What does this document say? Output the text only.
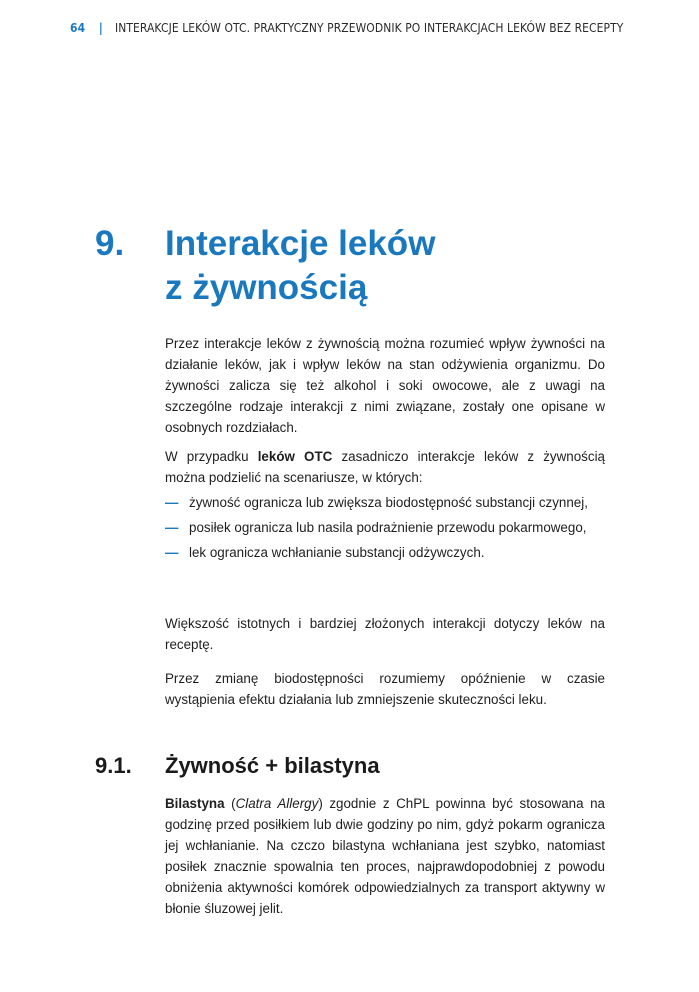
64 | INTERAKCJE LEKÓW OTC. PRAKTYCZNY PRZEWODNIK PO INTERAKCJACH LEKÓW BEZ RECEPTY
9. Interakcje leków
z żywnością

Przez interakcje leków z żywnością można rozumieć wpływ żywności na działanie leków, jak i wpływ leków na stan odżywienia organizmu. Do żywności zalicza się też alkohol i soki owocowe, ale z uwagi na szczególne rodzaje interakcji z nimi związane, zostały one opisane w osobnych rozdziałach.

W przypadku leków OTC zasadniczo interakcje leków z żywnością można podzielić na scenariusze, w których:

— żywność ogranicza lub zwiększa biodostępność substancji czynnej,
— posiłek ogranicza lub nasila podrażnienie przewodu pokarmowego,
— lek ogranicza wchłanianie substancji odżywczych.

Większość istotnych i bardziej złożonych interakcji dotyczy leków na receptę.

Przez zmianę biodostępności rozumiemy opóźnienie w czasie wystąpienia efektu działania lub zmniejszenie skuteczności leku.

9.1. Żywność + bilastyna

Bilastyna (Clatra Allergy) zgodnie z ChPL powinna być stosowana na godzinę przed posiłkiem lub dwie godziny po nim, gdyż pokarm ogranicza jej wchłanianie. Na czczo bilastyna wchłaniana jest szybko, natomiast posiłek znacznie spowalnia ten proces, najprawdopodobniej z powodu obniżenia aktywności komórek odpowiedzialnych za transport aktywny w błonie śluzowej jelit.
